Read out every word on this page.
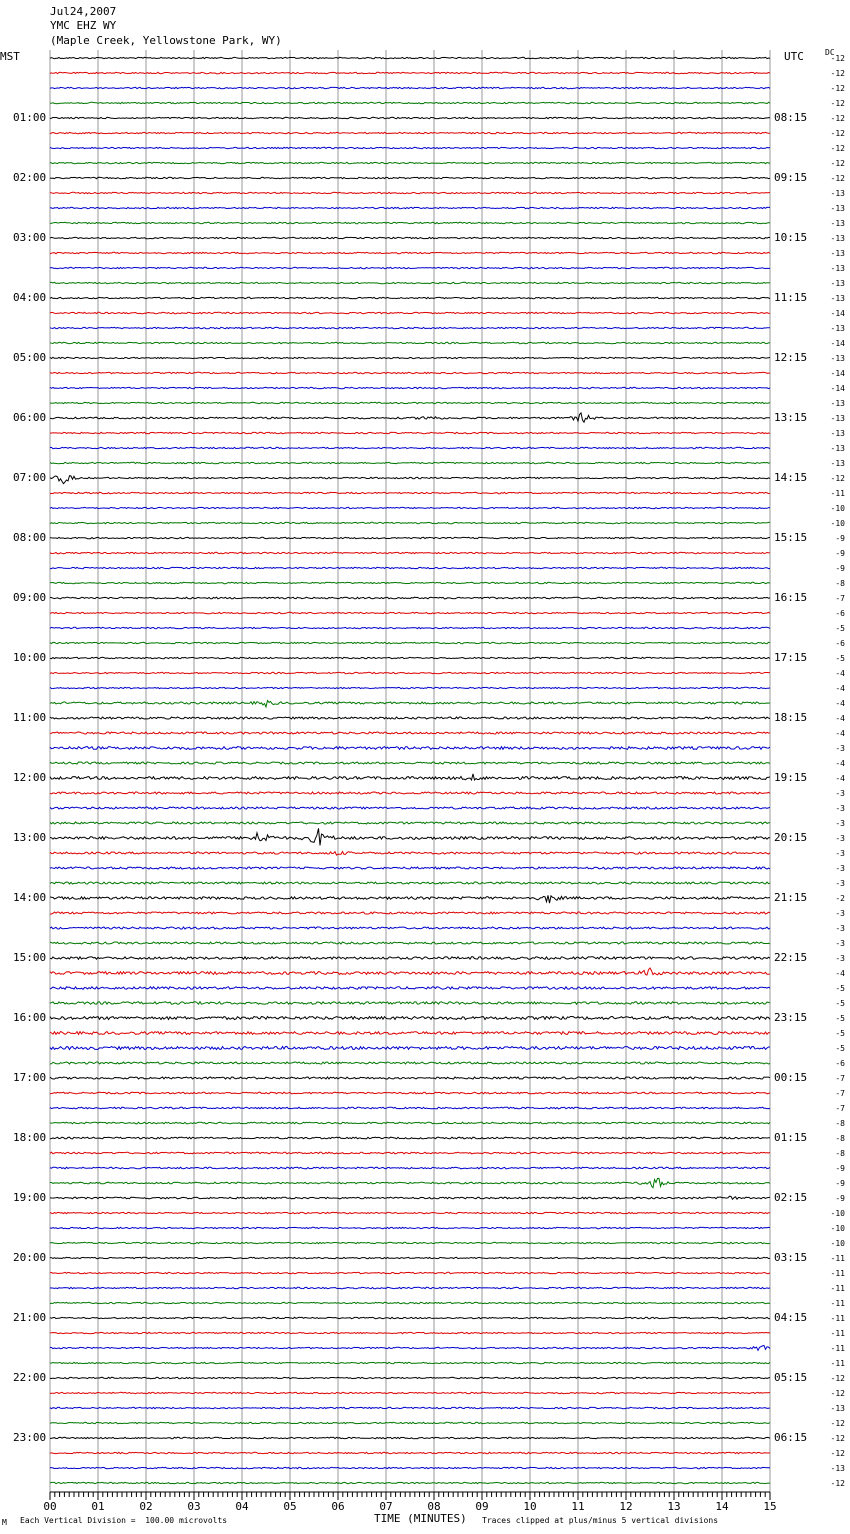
00	01	02	03	04	05	06	07	08	09	10	11	12	13	14	15
Jul24,2007
YMC EHZ WY
(Maple Creek, Yellowstone Park, WY)
MST	UTC	DC
01:00
02:00
03:00
04:00
05:00
06:00
07:00
08:00
09:00
10:00
11:00
12:00
13:00
14:00
15:00
16:00
17:00
18:00
19:00
20:00
21:00
22:00
23:00
08:15
09:15
10:15
11:15
12:15
13:15
14:15
15:15
16:15
17:15
18:15
19:15
20:15
21:15
22:15
23:15
00:15
01:15
02:15
03:15
04:15
05:15
06:15
-12
-12
-12
-12
-12
-12
-12
-12
-12
-13
-13
-13
-13
-13
-13
-13
-13
-14
-13
-14
-13
-14
-14
-13
-13
-13
-13
-13
-12
-11
-10
-10
-9
-9
-9
-8
-7
-6
-5
-6
-5
-4
-4
-4
-4
-4
-3
-4
-4
-3
-3
-3
-3
-3
-3
-3
-2
-3
-3
-3
-3
-4
-5
-5
-5
-5
-5
-6
-7
-7
-7
-8
-8
-8
-9
-9
-9
-10
-10
-10
-11
-11
-11
-11
-11
-11
-11
-11
-12
-12
-13
-12
-12
-12
-13
-12
M Each Vertical Division =  100.00 microvolts	TIME (MINUTES) Traces clipped at plus/minus 5 vertical divisions
